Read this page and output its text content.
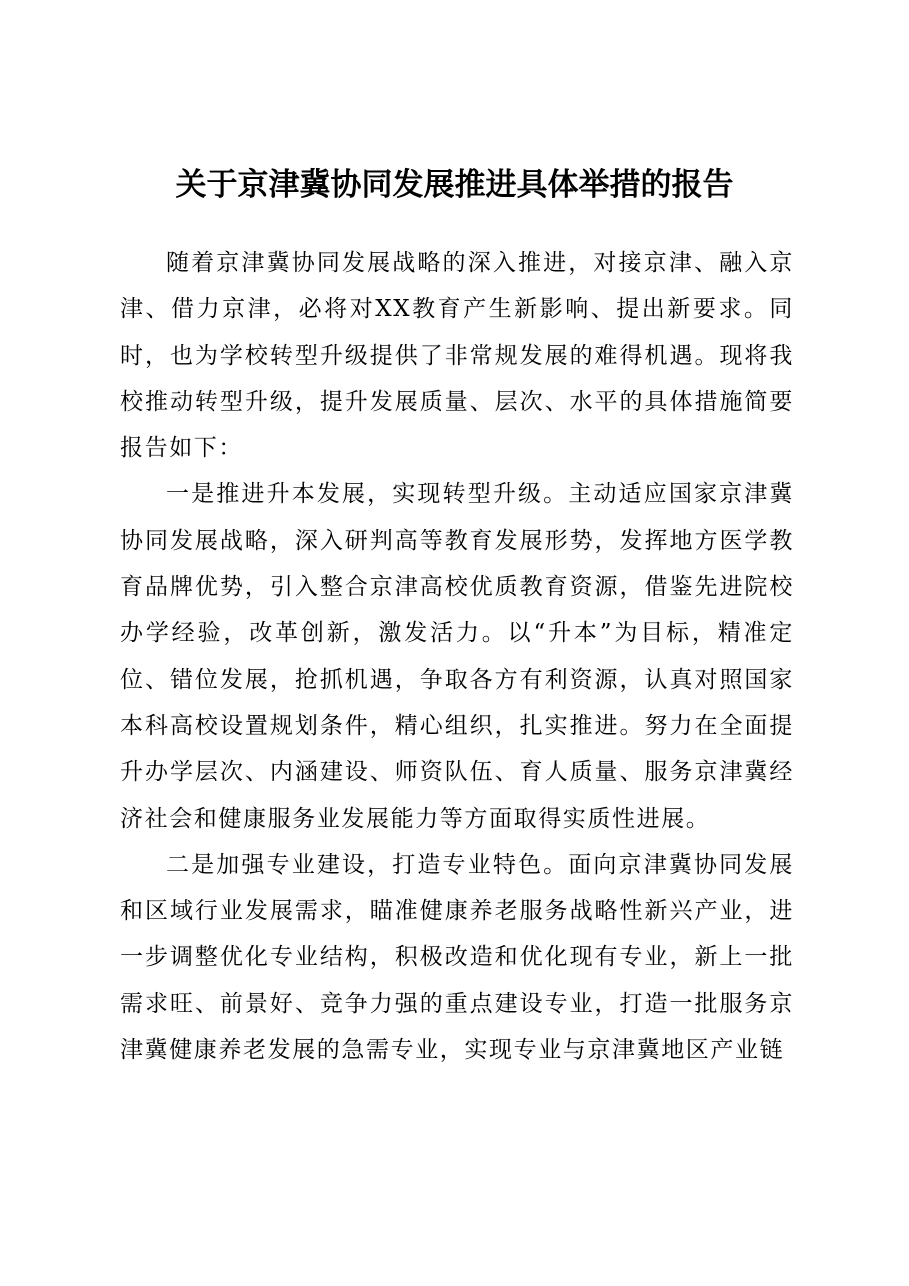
关于京津冀协同发展推进具体举措的报告

随着京津冀协同发展战略的深入推进，对接京津、融入京津、借力京津，必将对XX教育产生新影响、提出新要求。同时，也为学校转型升级提供了非常规发展的难得机遇。现将我校推动转型升级，提升发展质量、层次、水平的具体措施简要报告如下：

一是推进升本发展，实现转型升级。主动适应国家京津冀协同发展战略，深入研判高等教育发展形势，发挥地方医学教育品牌优势，引入整合京津高校优质教育资源，借鉴先进院校办学经验，改革创新，激发活力。以“升本”为目标，精准定位、错位发展，抢抓机遇，争取各方有利资源，认真对照国家本科高校设置规划条件，精心组织，扎实推进。努力在全面提升办学层次、内涵建设、师资队伍、育人质量、服务京津冀经济社会和健康服务业发展能力等方面取得实质性进展。

二是加强专业建设，打造专业特色。面向京津冀协同发展和区域行业发展需求，瞄准健康养老服务战略性新兴产业，进一步调整优化专业结构，积极改造和优化现有专业，新上一批需求旺、前景好、竞争力强的重点建设专业，打造一批服务京津冀健康养老发展的急需专业，实现专业与京津冀地区产业链
